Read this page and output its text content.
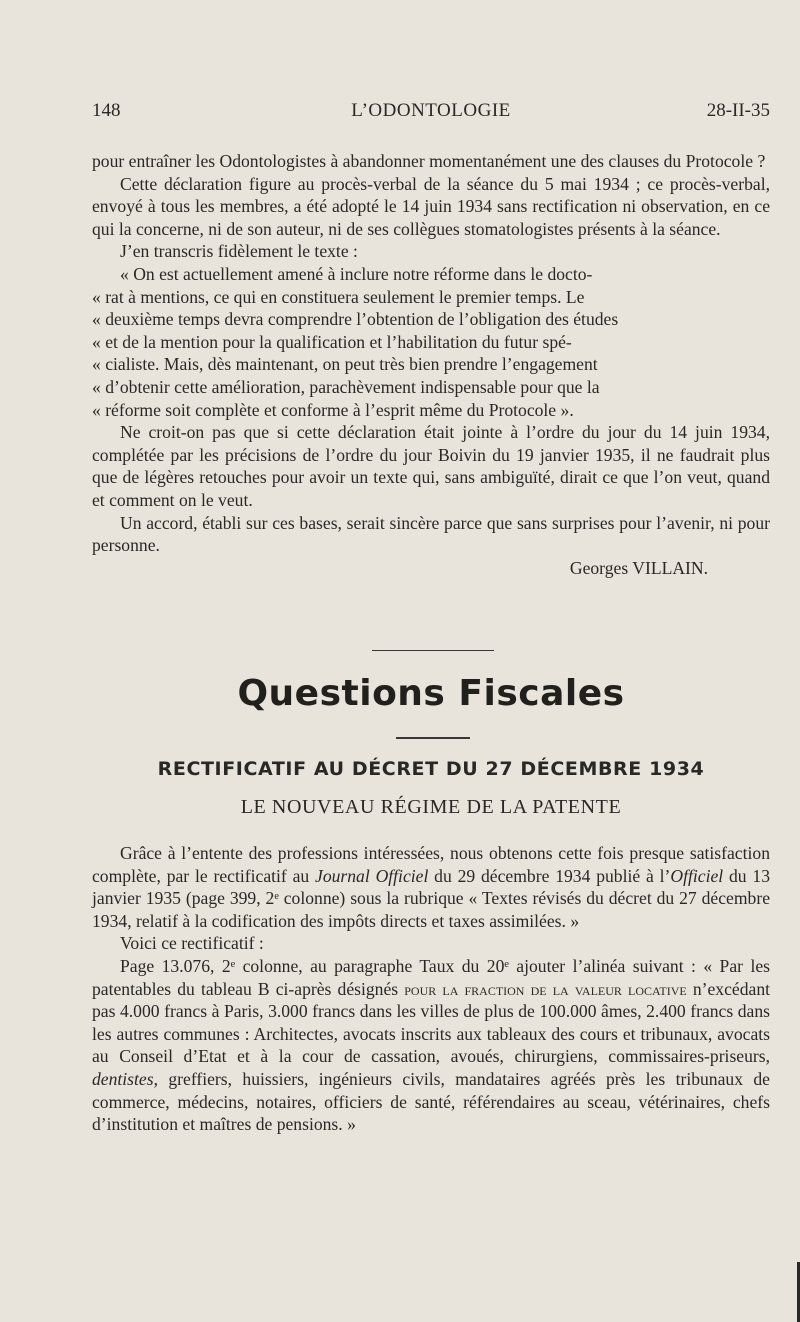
148	L’ODONTOLOGIE	28-II-35

pour entraîner les Odontologistes à abandonner momentanément une des clauses du Protocole ?

Cette déclaration figure au procès-verbal de la séance du 5 mai 1934 ; ce procès-verbal, envoyé à tous les membres, a été adopté le 14 juin 1934 sans rectification ni observation, en ce qui la concerne, ni de son auteur, ni de ses collègues stomatologistes présents à la séance.

J’en transcris fidèlement le texte :

« On est actuellement amené à inclure notre réforme dans le docto-

« rat à mentions, ce qui en constituera seulement le premier temps. Le

« deuxième temps devra comprendre l’obtention de l’obligation des études

« et de la mention pour la qualification et l’habilitation du futur spé-

« cialiste. Mais, dès maintenant, on peut très bien prendre l’engagement

« d’obtenir cette amélioration, parachèvement indispensable pour que la

« réforme soit complète et conforme à l’esprit même du Protocole ».

Ne croit-on pas que si cette déclaration était jointe à l’ordre du jour du 14 juin 1934, complétée par les précisions de l’ordre du jour Boivin du 19 janvier 1935, il ne faudrait plus que de légères retouches pour avoir un texte qui, sans ambiguïté, dirait ce que l’on veut, quand et comment on le veut.

Un accord, établi sur ces bases, serait sincère parce que sans surprises pour l’avenir, ni pour personne.

Georges VILLAIN.

Questions Fiscales
RECTIFICATIF AU DÉCRET DU 27 DÉCEMBRE 1934
LE NOUVEAU RÉGIME DE LA PATENTE

Grâce à l’entente des professions intéressées, nous obtenons cette fois presque satisfaction complète, par le rectificatif au Journal Officiel du 29 décembre 1934 publié à l’Officiel du 13 janvier 1935 (page 399, 2ᵉ colonne) sous la rubrique « Textes révisés du décret du 27 décembre 1934, relatif à la codification des impôts directs et taxes assimilées. »

Voici ce rectificatif :

Page 13.076, 2ᵉ colonne, au paragraphe Taux du 20ᵉ ajouter l’alinéa suivant : « Par les patentables du tableau B ci-après désignés pour la fraction de la valeur locative n’excédant pas 4.000 francs à Paris, 3.000 francs dans les villes de plus de 100.000 âmes, 2.400 francs dans les autres communes : Architectes, avocats inscrits aux tableaux des cours et tribunaux, avocats au Conseil d’Etat et à la cour de cassation, avoués, chirurgiens, commissaires-priseurs, dentistes, greffiers, huissiers, ingénieurs civils, mandataires agréés près les tribunaux de commerce, médecins, notaires, officiers de santé, référendaires au sceau, vétérinaires, chefs d’institution et maîtres de pensions. »
